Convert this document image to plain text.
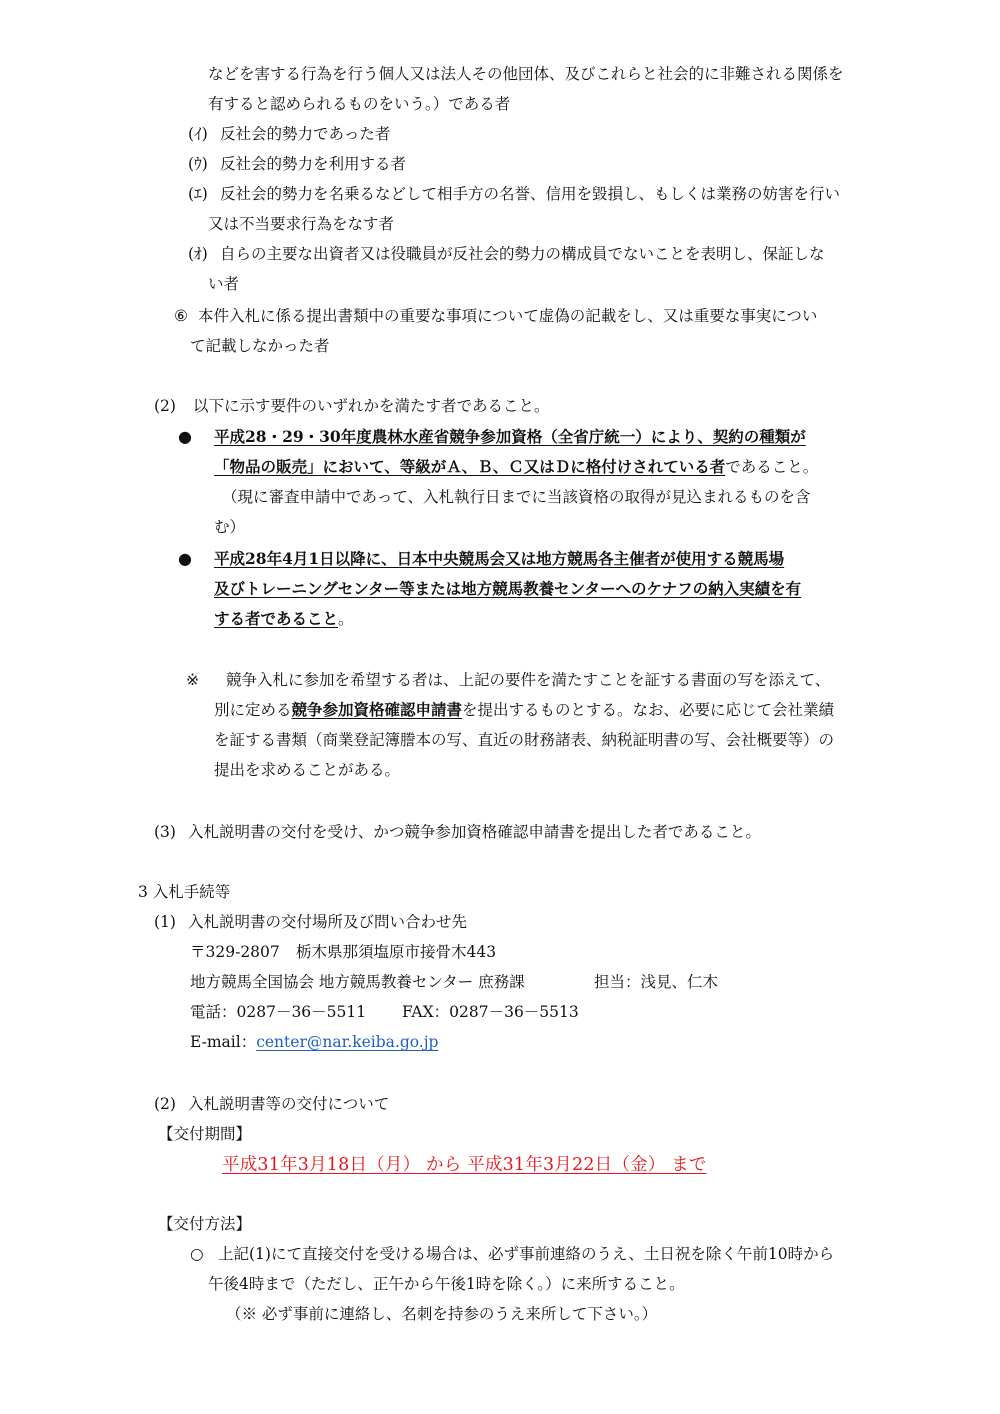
などを害する行為を行う個人又は法人その他団体、及びこれらと社会的に非難される関係を
有すると認められるものをいう。）である者
(ｲ) 反社会的勢力であった者
(ｳ) 反社会的勢力を利用する者
(ｴ) 反社会的勢力を名乗るなどして相手方の名誉、信用を毀損し、もしくは業務の妨害を行い
又は不当要求行為をなす者
(ｵ) 自らの主要な出資者又は役職員が反社会的勢力の構成員でないことを表明し、保証しな
い者
⑥ 本件入札に係る提出書類中の重要な事項について虚偽の記載をし、又は重要な事実につい
て記載しなかった者
(2) 以下に示す要件のいずれかを満たす者であること。
● 平成28・29・30年度農林水産省競争参加資格（全省庁統一）により、契約の種類が
「物品の販売」において、等級がＡ、Ｂ、Ｃ又はＤに格付けされている者であること。
（現に審査申請中であって、入札執行日までに当該資格の取得が見込まれるものを含
む）
● 平成28年4月1日以降に、日本中央競馬会又は地方競馬各主催者が使用する競馬場
及びトレーニングセンター等または地方競馬教養センターへのケナフの納入実績を有
する者であること。
※ 競争入札に参加を希望する者は、上記の要件を満たすことを証する書面の写を添えて、
別に定める競争参加資格確認申請書を提出するものとする。なお、必要に応じて会社業績
を証する書類（商業登記簿謄本の写、直近の財務諸表、納税証明書の写、会社概要等）の
提出を求めることがある。
(3) 入札説明書の交付を受け、かつ競争参加資格確認申請書を提出した者であること。
3 入札手続等
(1) 入札説明書の交付場所及び問い合わせ先
〒329-2807 栃木県那須塩原市接骨木443
地方競馬全国協会 地方競馬教養センター 庶務課	担当：浅見、仁木
電話：0287－36－5511 FAX：0287－36－5513
E-mail：center@nar.keiba.go.jp
(2) 入札説明書等の交付について
【交付期間】
平成31年3月18日（月） から 平成31年3月22日（金） まで
【交付方法】
○ 上記(1)にて直接交付を受ける場合は、必ず事前連絡のうえ、土日祝を除く午前10時から
午後4時まで（ただし、正午から午後1時を除く。）に来所すること。
（※ 必ず事前に連絡し、名刺を持参のうえ来所して下さい。）
